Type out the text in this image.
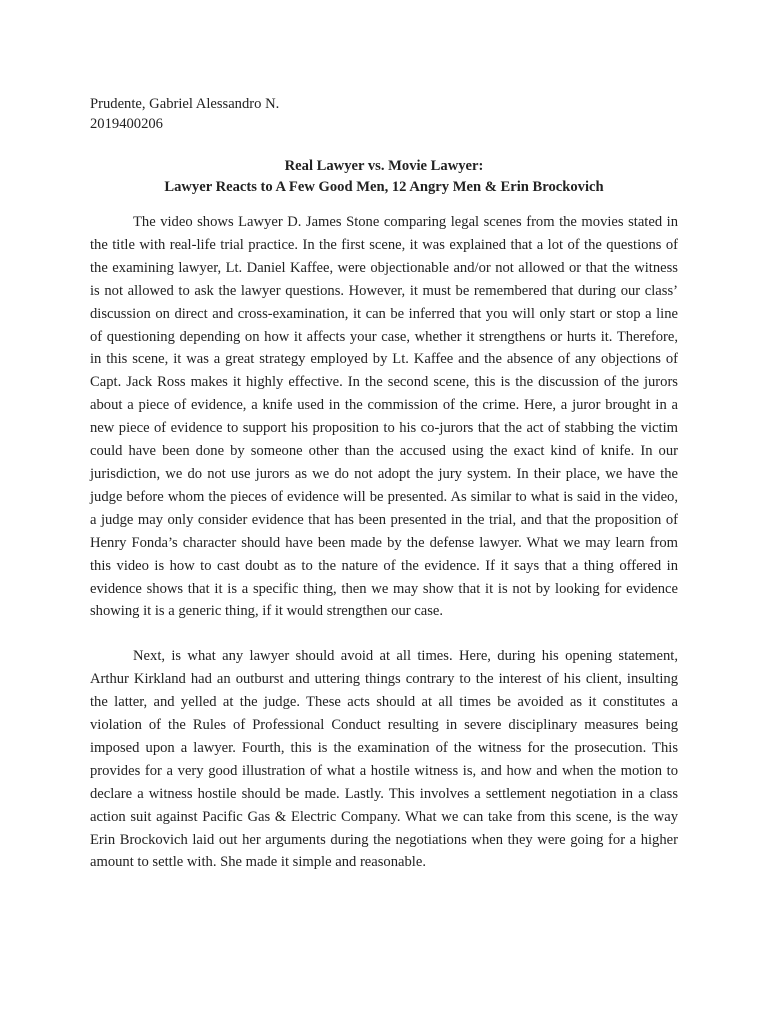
Prudente, Gabriel Alessandro N.

2019400206

Real Lawyer vs. Movie Lawyer:

Lawyer Reacts to A Few Good Men, 12 Angry Men & Erin Brockovich

The video shows Lawyer D. James Stone comparing legal scenes from the movies stated in the title with real-life trial practice. In the first scene, it was explained that a lot of the questions of the examining lawyer, Lt. Daniel Kaffee, were objectionable and/or not allowed or that the witness is not allowed to ask the lawyer questions. However, it must be remembered that during our class’ discussion on direct and cross-examination, it can be inferred that you will only start or stop a line of questioning depending on how it affects your case, whether it strengthens or hurts it. Therefore, in this scene, it was a great strategy employed by Lt. Kaffee and the absence of any objections of Capt. Jack Ross makes it highly effective. In the second scene, this is the discussion of the jurors about a piece of evidence, a knife used in the commission of the crime. Here, a juror brought in a new piece of evidence to support his proposition to his co-jurors that the act of stabbing the victim could have been done by someone other than the accused using the exact kind of knife. In our jurisdiction, we do not use jurors as we do not adopt the jury system. In their place, we have the judge before whom the pieces of evidence will be presented. As similar to what is said in the video, a judge may only consider evidence that has been presented in the trial, and that the proposition of Henry Fonda’s character should have been made by the defense lawyer. What we may learn from this video is how to cast doubt as to the nature of the evidence. If it says that a thing offered in evidence shows that it is a specific thing, then we may show that it is not by looking for evidence showing it is a generic thing, if it would strengthen our case.

Next, is what any lawyer should avoid at all times. Here, during his opening statement, Arthur Kirkland had an outburst and uttering things contrary to the interest of his client, insulting the latter, and yelled at the judge. These acts should at all times be avoided as it constitutes a violation of the Rules of Professional Conduct resulting in severe disciplinary measures being imposed upon a lawyer. Fourth, this is the examination of the witness for the prosecution. This provides for a very good illustration of what a hostile witness is, and how and when the motion to declare a witness hostile should be made. Lastly. This involves a settlement negotiation in a class action suit against Pacific Gas & Electric Company. What we can take from this scene, is the way Erin Brockovich laid out her arguments during the negotiations when they were going for a higher amount to settle with. She made it simple and reasonable.
